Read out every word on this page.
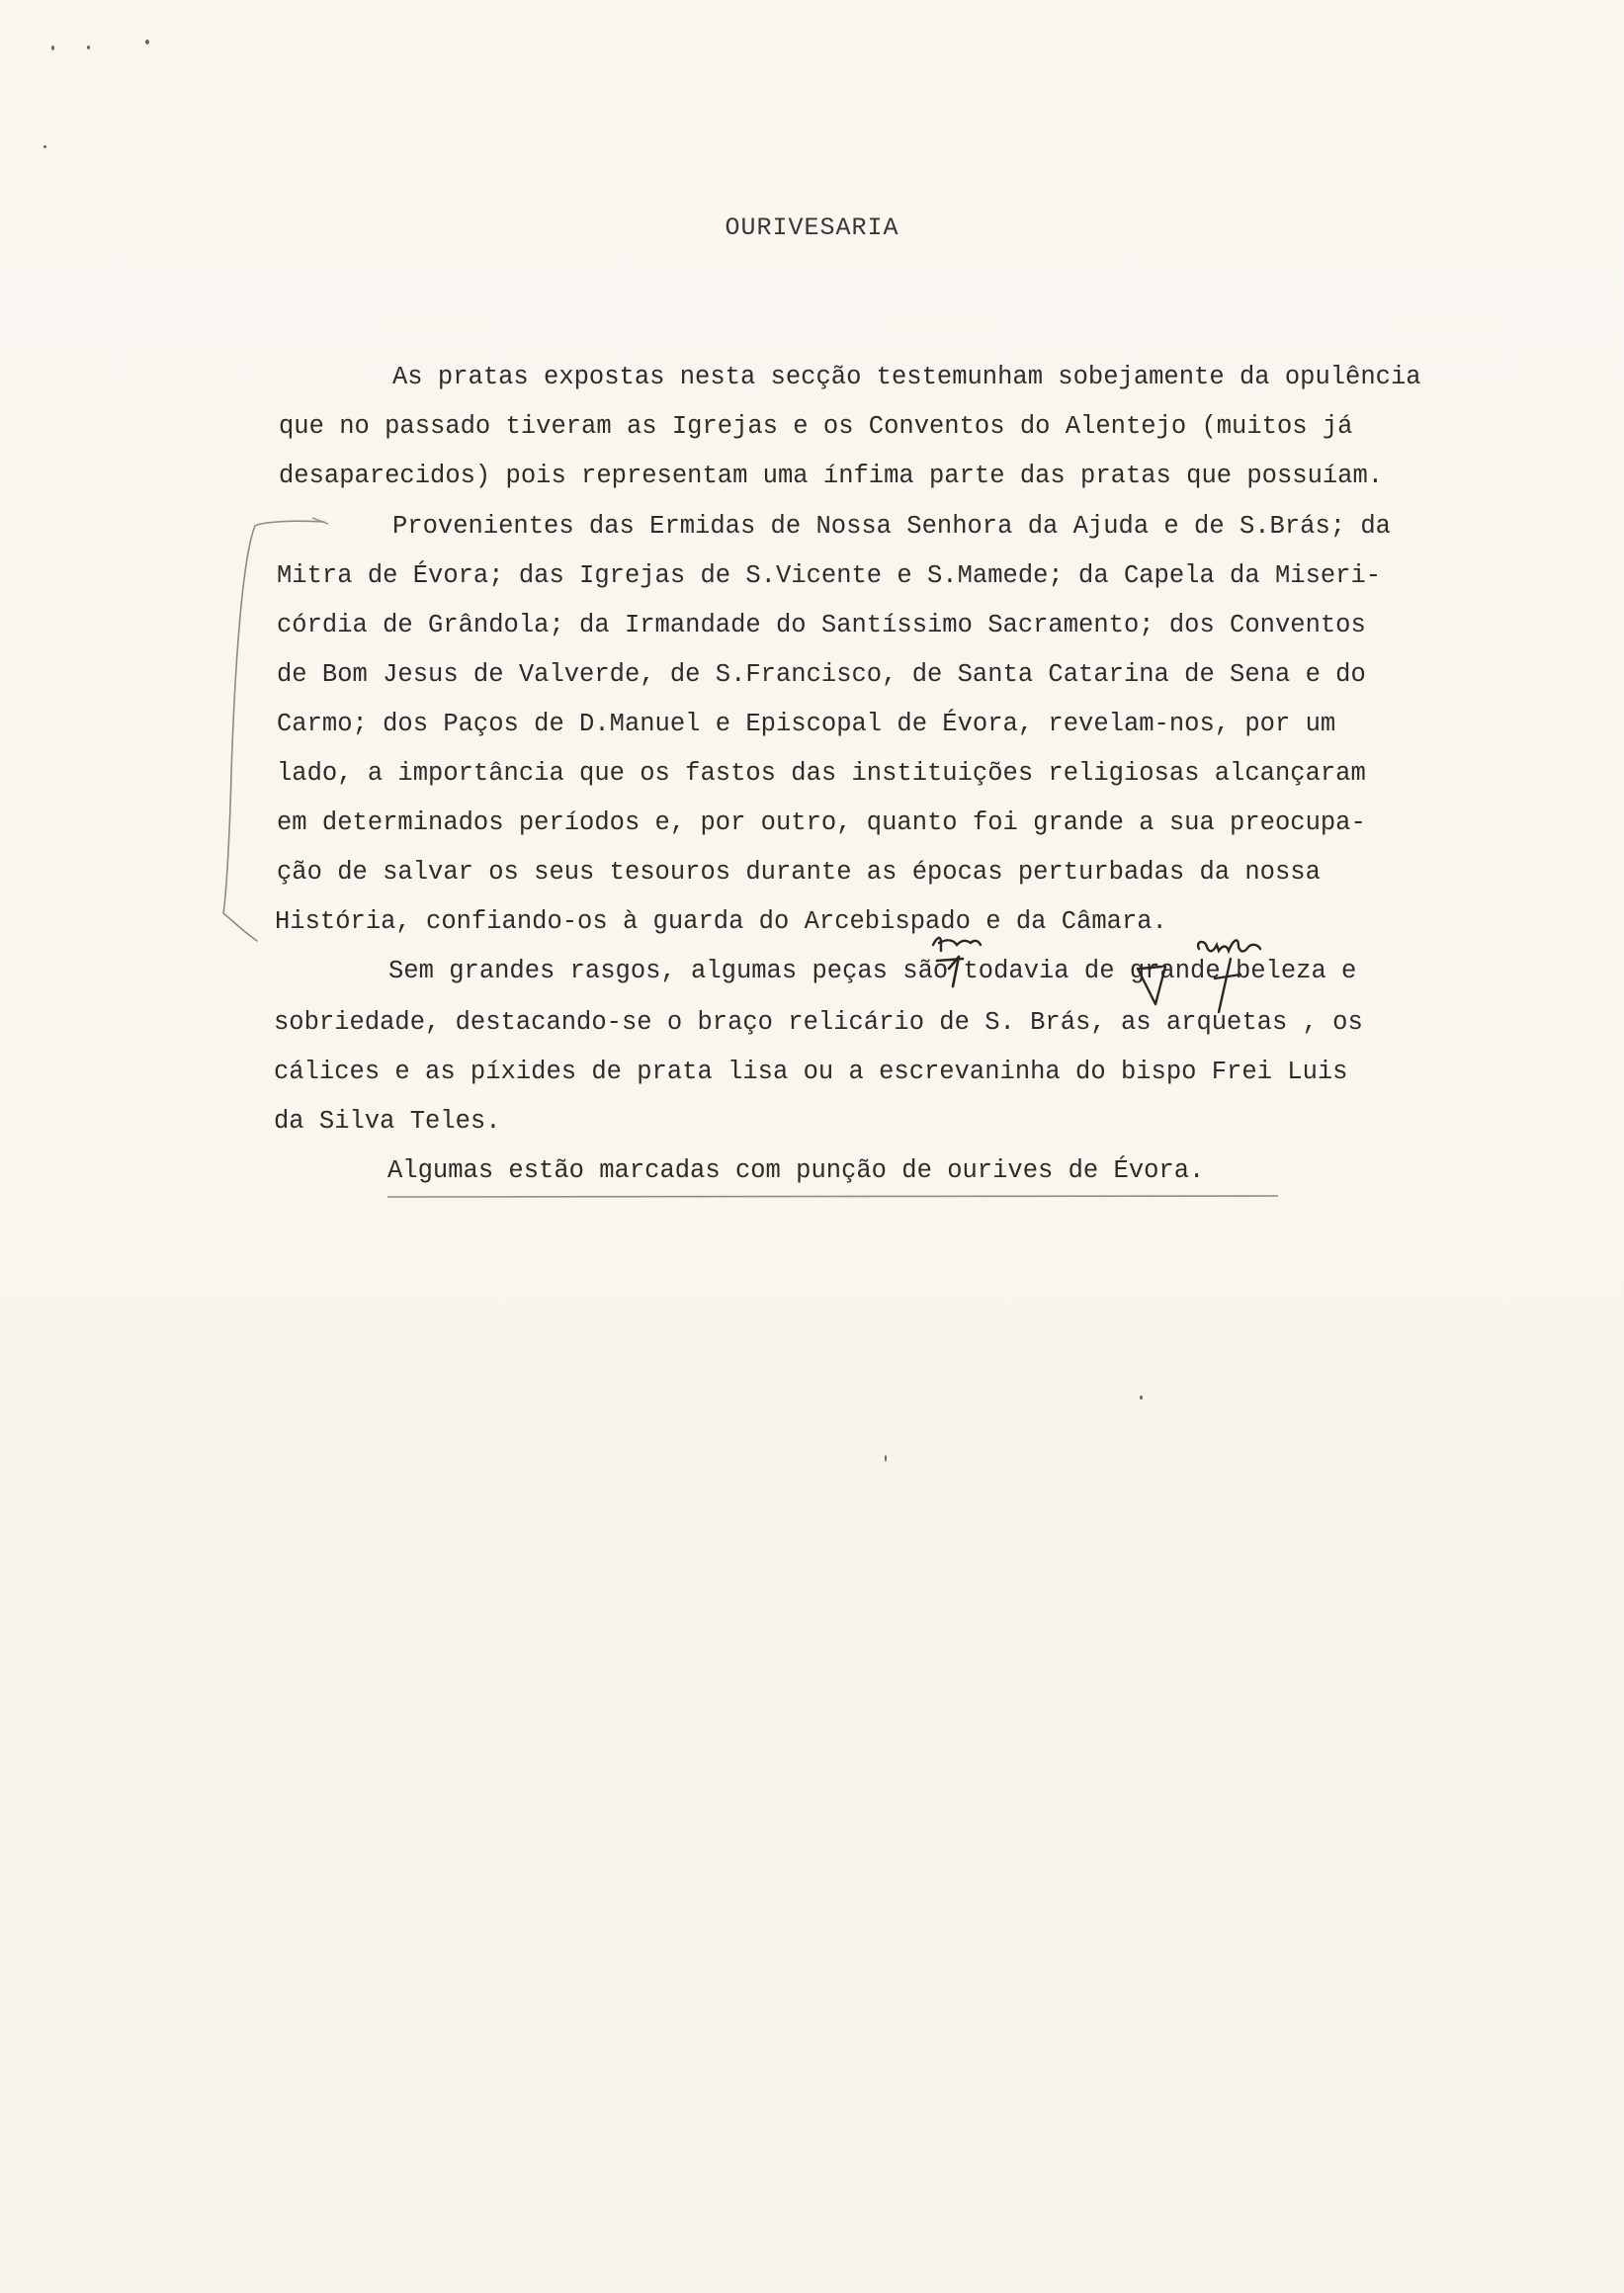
OURIVESARIA
As pratas expostas nesta secção testemunham sobejamente da opulência
que no passado tiveram as Igrejas e os Conventos do Alentejo (muitos já
desaparecidos) pois representam uma ínfima parte das pratas que possuíam.
Provenientes das Ermidas de Nossa Senhora da Ajuda e de S.Brás; da
Mitra de Évora; das Igrejas de S.Vicente e S.Mamede; da Capela da Miseri-
córdia de Grândola; da Irmandade do Santíssimo Sacramento; dos Conventos
de Bom Jesus de Valverde, de S.Francisco, de Santa Catarina de Sena e do
Carmo; dos Paços de D.Manuel e Episcopal de Évora, revelam-nos, por um
lado, a importância que os fastos das instituições religiosas alcançaram
em determinados períodos e, por outro, quanto foi grande a sua preocupa-
ção de salvar os seus tesouros durante as épocas perturbadas da nossa
História, confiando-os à guarda do Arcebispado e da Câmara.
Sem grandes rasgos, algumas peças são todavia de grande beleza e
sobriedade, destacando-se o braço relicário de S. Brás, as arquetas , os
cálices e as píxides de prata lisa ou a escrevaninha do bispo Frei Luis
da Silva Teles.
Algumas estão marcadas com punção de ourives de Évora.
